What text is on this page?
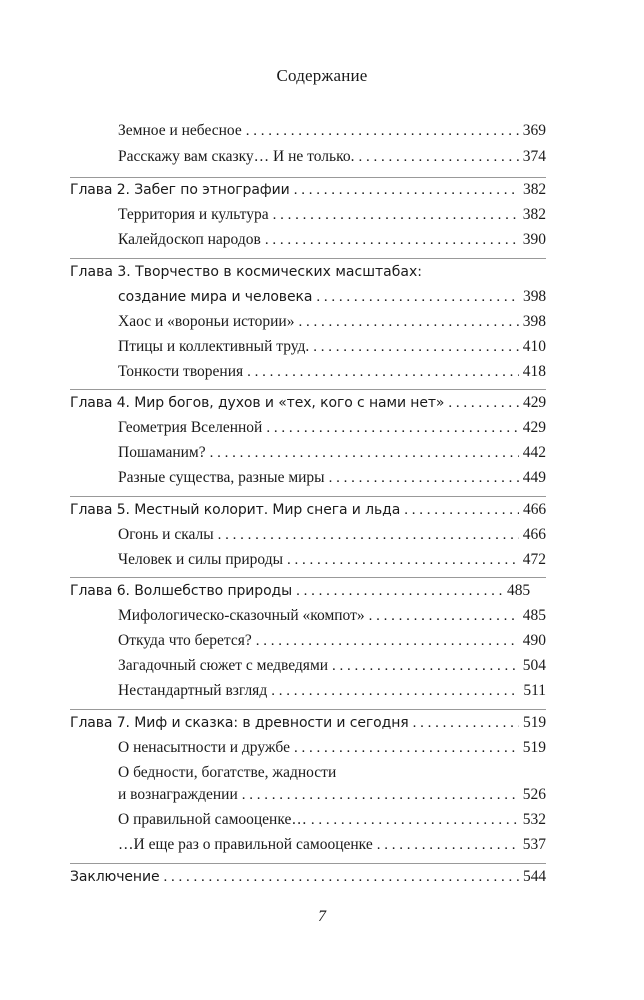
Содержание
Земное и небесное . . .	369
Расскажу вам сказку… И не только. . . .	374
Глава 2. Забег по этнографии . . .	382
Территория и культура . . .	382
Калейдоскоп народов . . .	390
Глава 3. Творчество в космических масштабах:
создание мира и человека . . .	398
Хаос и «вороньи истории» . . .	398
Птицы и коллективный труд. . . .	410
Тонкости творения . . .	418
Глава 4. Мир богов, духов и «тех, кого с нами нет» . . .	429
Геометрия Вселенной . . .	429
Пошаманим? . . .	442
Разные существа, разные миры . . .	449
Глава 5. Местный колорит. Мир снега и льда . . .	466
Огонь и скалы . . .	466
Человек и силы природы . . .	472
Глава 6. Волшебство природы . . .	485
Мифологическо-сказочный «компот» . . .	485
Откуда что берется? . . .	490
Загадочный сюжет с медведями . . .	504
Нестандартный взгляд . . .	511
Глава 7. Миф и сказка: в древности и сегодня . . .	519
О ненасытности и дружбе . . .	519
О бедности, богатстве, жадности
и вознаграждении . . .	526
О правильной самооценке… . . .	532
…И еще раз о правильной самооценке . . .	537
Заключение . . .	544
7
